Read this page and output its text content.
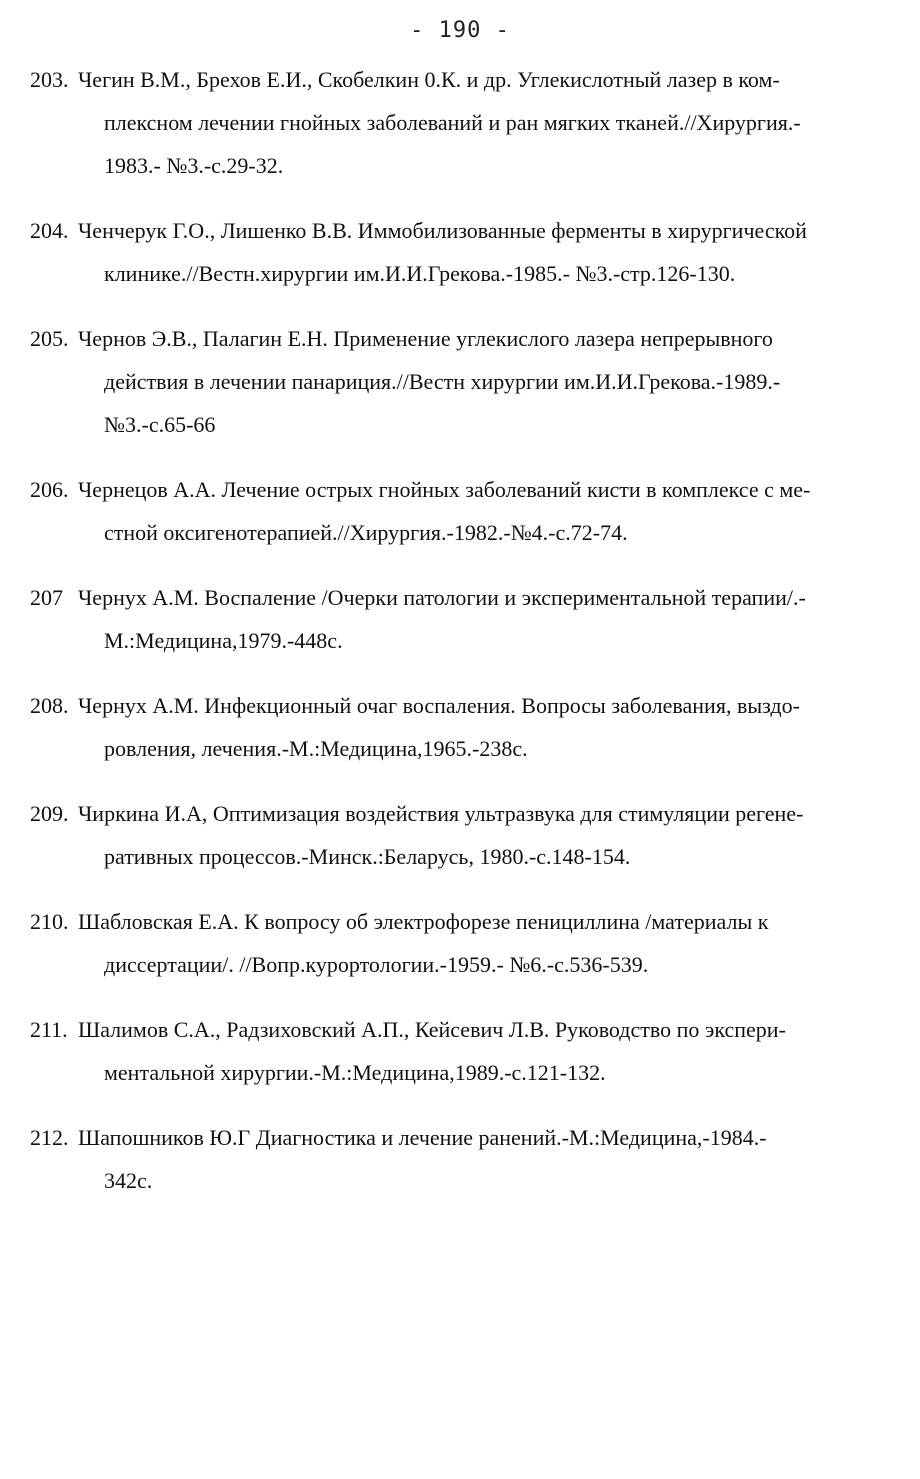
- 190 -
203. Чегин В.М., Брехов Е.И., Скобелкин 0.К. и др. Углекислотный лазер в ком-
плексном лечении гнойных заболеваний и ран мягких тканей.//Хирургия.-
1983.- №3.-с.29-32.
204. Ченчерук Г.О., Лишенко В.В. Иммобилизованные ферменты в хирургической
клинике.//Вестн.хирургии им.И.И.Грекова.-1985.- №3.-стр.126-130.
205. Чернов Э.В., Палагин Е.Н. Применение углекислого лазера непрерывного
действия в лечении панариция.//Вестн хирургии им.И.И.Грекова.-1989.-
№3.-с.65-66
206. Чернецов А.А. Лечение острых гнойных заболеваний кисти в комплексе с ме-
стной оксигенотерапией.//Хирургия.-1982.-№4.-с.72-74.
207 Чернух А.М. Воспаление /Очерки патологии и экспериментальной терапии/.-
М.:Медицина,1979.-448с.
208. Чернух А.М. Инфекционный очаг воспаления. Вопросы заболевания, выздо-
ровления, лечения.-М.:Медицина,1965.-238с.
209. Чиркина И.А, Оптимизация воздействия ультразвука для стимуляции регене-
ративных процессов.-Минск.:Беларусь, 1980.-с.148-154.
210. Шабловская Е.А. К вопросу об электрофорезе пенициллина /материалы к
диссертации/. //Вопр.курортологии.-1959.- №6.-с.536-539.
211. Шалимов С.А., Радзиховский А.П., Кейсевич Л.В. Руководство по экспери-
ментальной хирургии.-М.:Медицина,1989.-с.121-132.
212. Шапошников Ю.Г Диагностика и лечение ранений.-М.:Медицина,-1984.-
342с.
